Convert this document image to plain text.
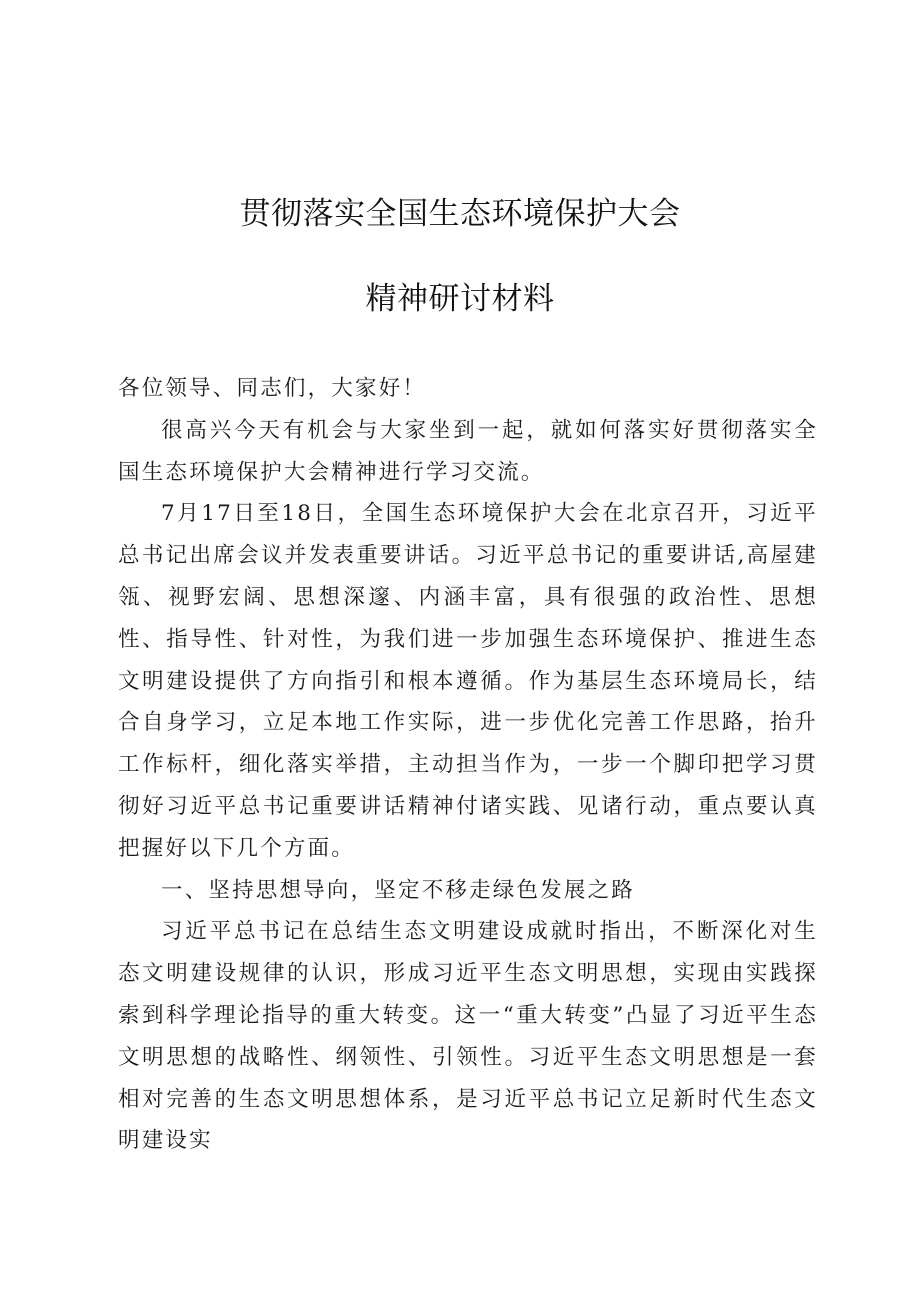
贯彻落实全国生态环境保护大会
精神研讨材料

各位领导、同志们，大家好！

很高兴今天有机会与大家坐到一起，就如何落实好贯彻落实全国生态环境保护大会精神进行学习交流。

7月17日至18日，全国生态环境保护大会在北京召开，习近平总书记出席会议并发表重要讲话。习近平总书记的重要讲话,高屋建瓴、视野宏阔、思想深邃、内涵丰富，具有很强的政治性、思想性、指导性、针对性，为我们进一步加强生态环境保护、推进生态文明建设提供了方向指引和根本遵循。作为基层生态环境局长，结合自身学习，立足本地工作实际，进一步优化完善工作思路，抬升工作标杆，细化落实举措，主动担当作为，一步一个脚印把学习贯彻好习近平总书记重要讲话精神付诸实践、见诸行动，重点要认真把握好以下几个方面。

一、坚持思想导向，坚定不移走绿色发展之路

习近平总书记在总结生态文明建设成就时指出，不断深化对生态文明建设规律的认识，形成习近平生态文明思想，实现由实践探索到科学理论指导的重大转变。这一“重大转变”凸显了习近平生态文明思想的战略性、纲领性、引领性。习近平生态文明思想是一套相对完善的生态文明思想体系，是习近平总书记立足新时代生态文明建设实
